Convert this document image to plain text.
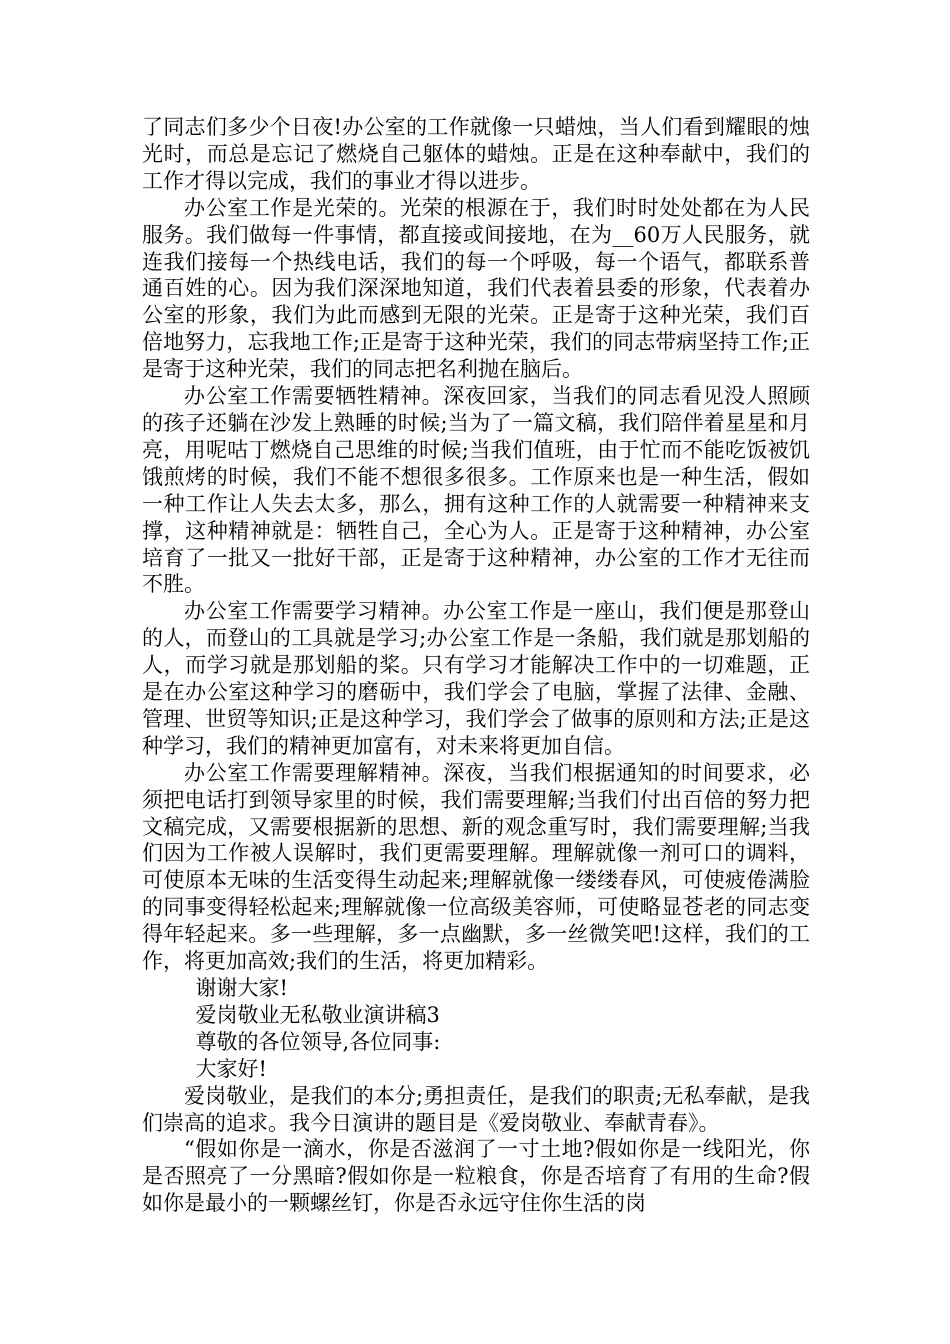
了同志们多少个日夜!办公室的工作就像一只蜡烛，当人们看到耀眼的烛光时，而总是忘记了燃烧自己躯体的蜡烛。正是在这种奉献中，我们的工作才得以完成，我们的事业才得以进步。

办公室工作是光荣的。光荣的根源在于，我们时时处处都在为人民服务。我们做每一件事情，都直接或间接地，在为__60万人民服务，就连我们接每一个热线电话，我们的每一个呼吸，每一个语气，都联系普通百姓的心。因为我们深深地知道，我们代表着县委的形象，代表着办公室的形象，我们为此而感到无限的光荣。正是寄于这种光荣，我们百倍地努力，忘我地工作;正是寄于这种光荣，我们的同志带病坚持工作;正是寄于这种光荣，我们的同志把名利抛在脑后。

办公室工作需要牺牲精神。深夜回家，当我们的同志看见没人照顾的孩子还躺在沙发上熟睡的时候;当为了一篇文稿，我们陪伴着星星和月亮，用呢咕丁燃烧自己思维的时候;当我们值班，由于忙而不能吃饭被饥饿煎烤的时候，我们不能不想很多很多。工作原来也是一种生活，假如一种工作让人失去太多，那么，拥有这种工作的人就需要一种精神来支撑，这种精神就是：牺牲自己，全心为人。正是寄于这种精神，办公室培育了一批又一批好干部，正是寄于这种精神，办公室的工作才无往而不胜。

办公室工作需要学习精神。办公室工作是一座山，我们便是那登山的人，而登山的工具就是学习;办公室工作是一条船，我们就是那划船的人，而学习就是那划船的桨。只有学习才能解决工作中的一切难题，正是在办公室这种学习的磨砺中，我们学会了电脑，掌握了法律、金融、管理、世贸等知识;正是这种学习，我们学会了做事的原则和方法;正是这种学习，我们的精神更加富有，对未来将更加自信。

办公室工作需要理解精神。深夜，当我们根据通知的时间要求，必须把电话打到领导家里的时候，我们需要理解;当我们付出百倍的努力把文稿完成，又需要根据新的思想、新的观念重写时，我们需要理解;当我们因为工作被人误解时，我们更需要理解。理解就像一剂可口的调料，可使原本无味的生活变得生动起来;理解就像一缕缕春风，可使疲倦满脸的同事变得轻松起来;理解就像一位高级美容师，可使略显苍老的同志变得年轻起来。多一些理解，多一点幽默，多一丝微笑吧!这样，我们的工作，将更加高效;我们的生活，将更加精彩。

谢谢大家!

爱岗敬业无私敬业演讲稿3

尊敬的各位领导,各位同事:

大家好!

爱岗敬业，是我们的本分;勇担责任，是我们的职责;无私奉献，是我们崇高的追求。我今日演讲的题目是《爱岗敬业、奉献青春》。

“假如你是一滴水，你是否滋润了一寸土地?假如你是一线阳光，你是否照亮了一分黑暗?假如你是一粒粮食，你是否培育了有用的生命?假如你是最小的一颗螺丝钉，你是否永远守住你生活的岗
